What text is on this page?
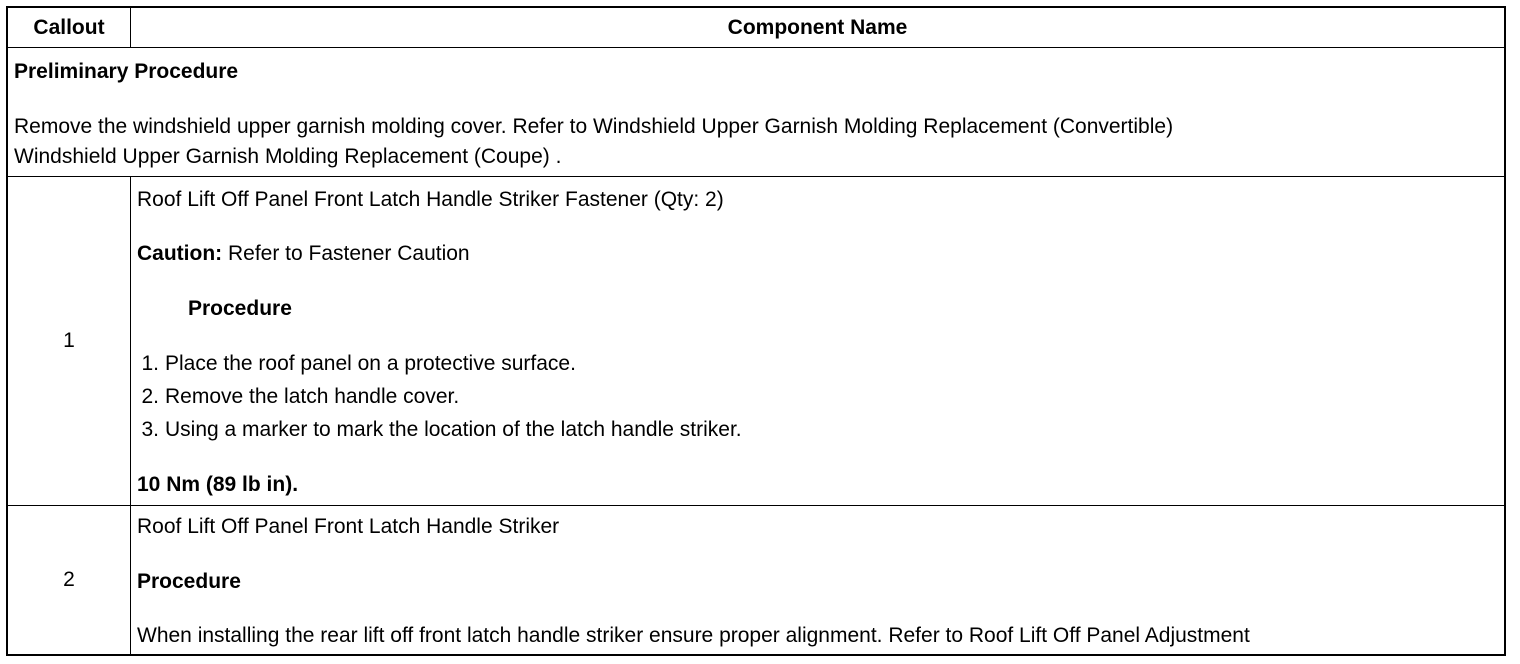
Callout	Component Name
Preliminary Procedure
Remove the windshield upper garnish molding cover. Refer to Windshield Upper Garnish Molding Replacement (Convertible)
Windshield Upper Garnish Molding Replacement (Coupe) .
1
Roof Lift Off Panel Front Latch Handle Striker Fastener (Qty: 2)
Caution: Refer to Fastener Caution
Procedure
1. Place the roof panel on a protective surface.
2. Remove the latch handle cover.
3. Using a marker to mark the location of the latch handle striker.
10 Nm (89 lb in).
2
Roof Lift Off Panel Front Latch Handle Striker
Procedure
When installing the rear lift off front latch handle striker ensure proper alignment. Refer to Roof Lift Off Panel Adjustment
